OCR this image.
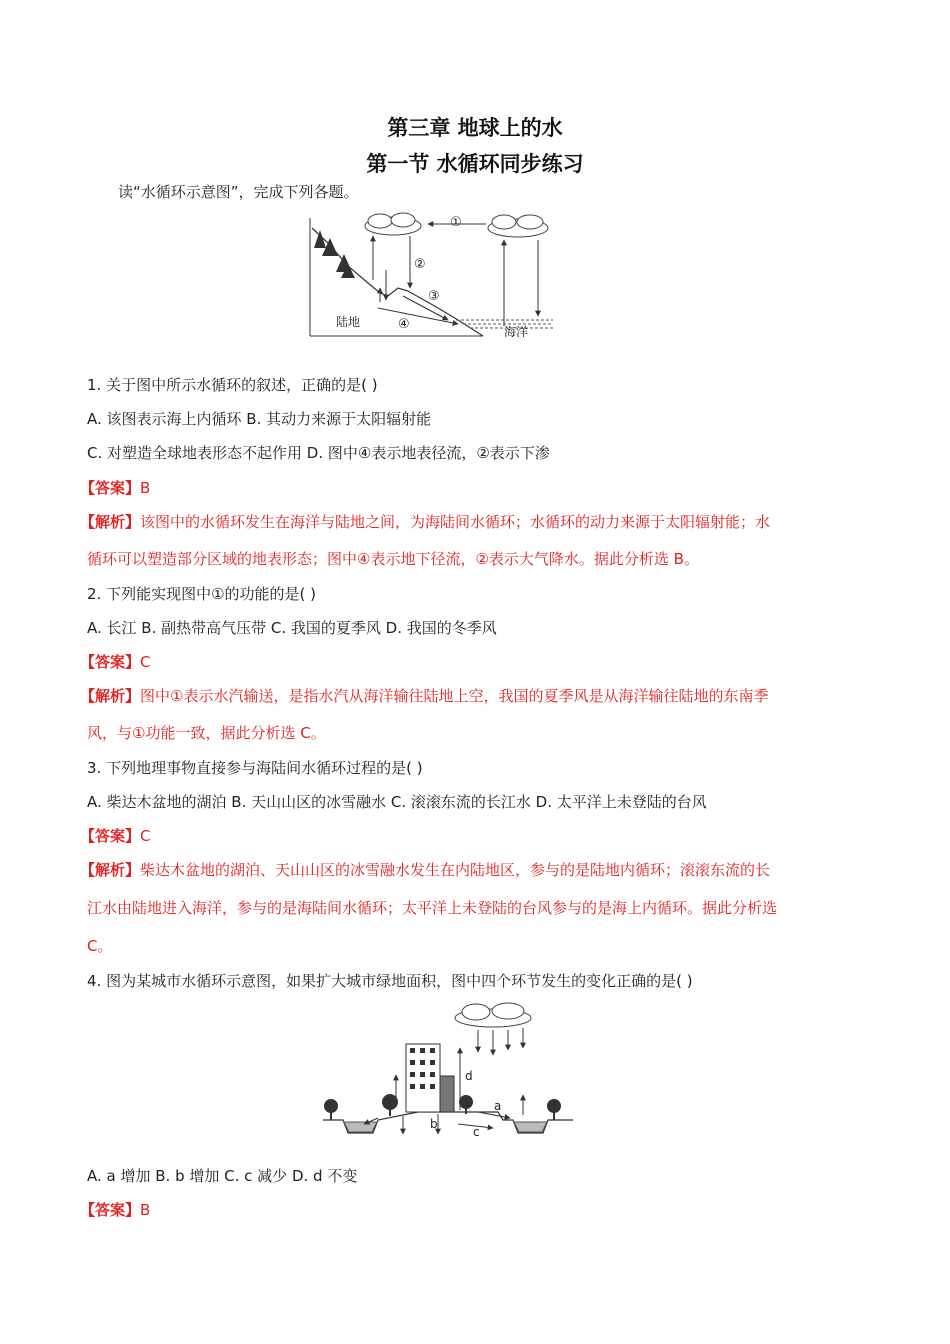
第三章 地球上的水
第一节 水循环同步练习
读“水循环示意图”，完成下列各题。
①
②
③
④
陆地
海洋
1. 关于图中所示水循环的叙述，正确的是( )
A. 该图表示海上内循环 B. 其动力来源于太阳辐射能
C. 对塑造全球地表形态不起作用 D. 图中④表示地表径流，②表示下渗
【答案】B
【解析】该图中的水循环发生在海洋与陆地之间，为海陆间水循环；水循环的动力来源于太阳辐射能；水
循环可以塑造部分区域的地表形态；图中④表示地下径流，②表示大气降水。据此分析选 B。
2. 下列能实现图中①的功能的是( )
A. 长江 B. 副热带高气压带 C. 我国的夏季风 D. 我国的冬季风
【答案】C
【解析】图中①表示水汽输送，是指水汽从海洋输往陆地上空，我国的夏季风是从海洋输往陆地的东南季
风，与①功能一致，据此分析选 C。
3. 下列地理事物直接参与海陆间水循环过程的是( )
A. 柴达木盆地的湖泊 B. 天山山区的冰雪融水 C. 滚滚东流的长江水 D. 太平洋上未登陆的台风
【答案】C
【解析】柴达木盆地的湖泊、天山山区的冰雪融水发生在内陆地区，参与的是陆地内循环；滚滚东流的长
江水由陆地进入海洋，参与的是海陆间水循环；太平洋上未登陆的台风参与的是海上内循环。据此分析选
C。
4. 图为某城市水循环示意图，如果扩大城市绿地面积，图中四个环节发生的变化正确的是( )
d
b
c
a
A. a 增加 B. b 增加 C. c 减少 D. d 不变
【答案】B
